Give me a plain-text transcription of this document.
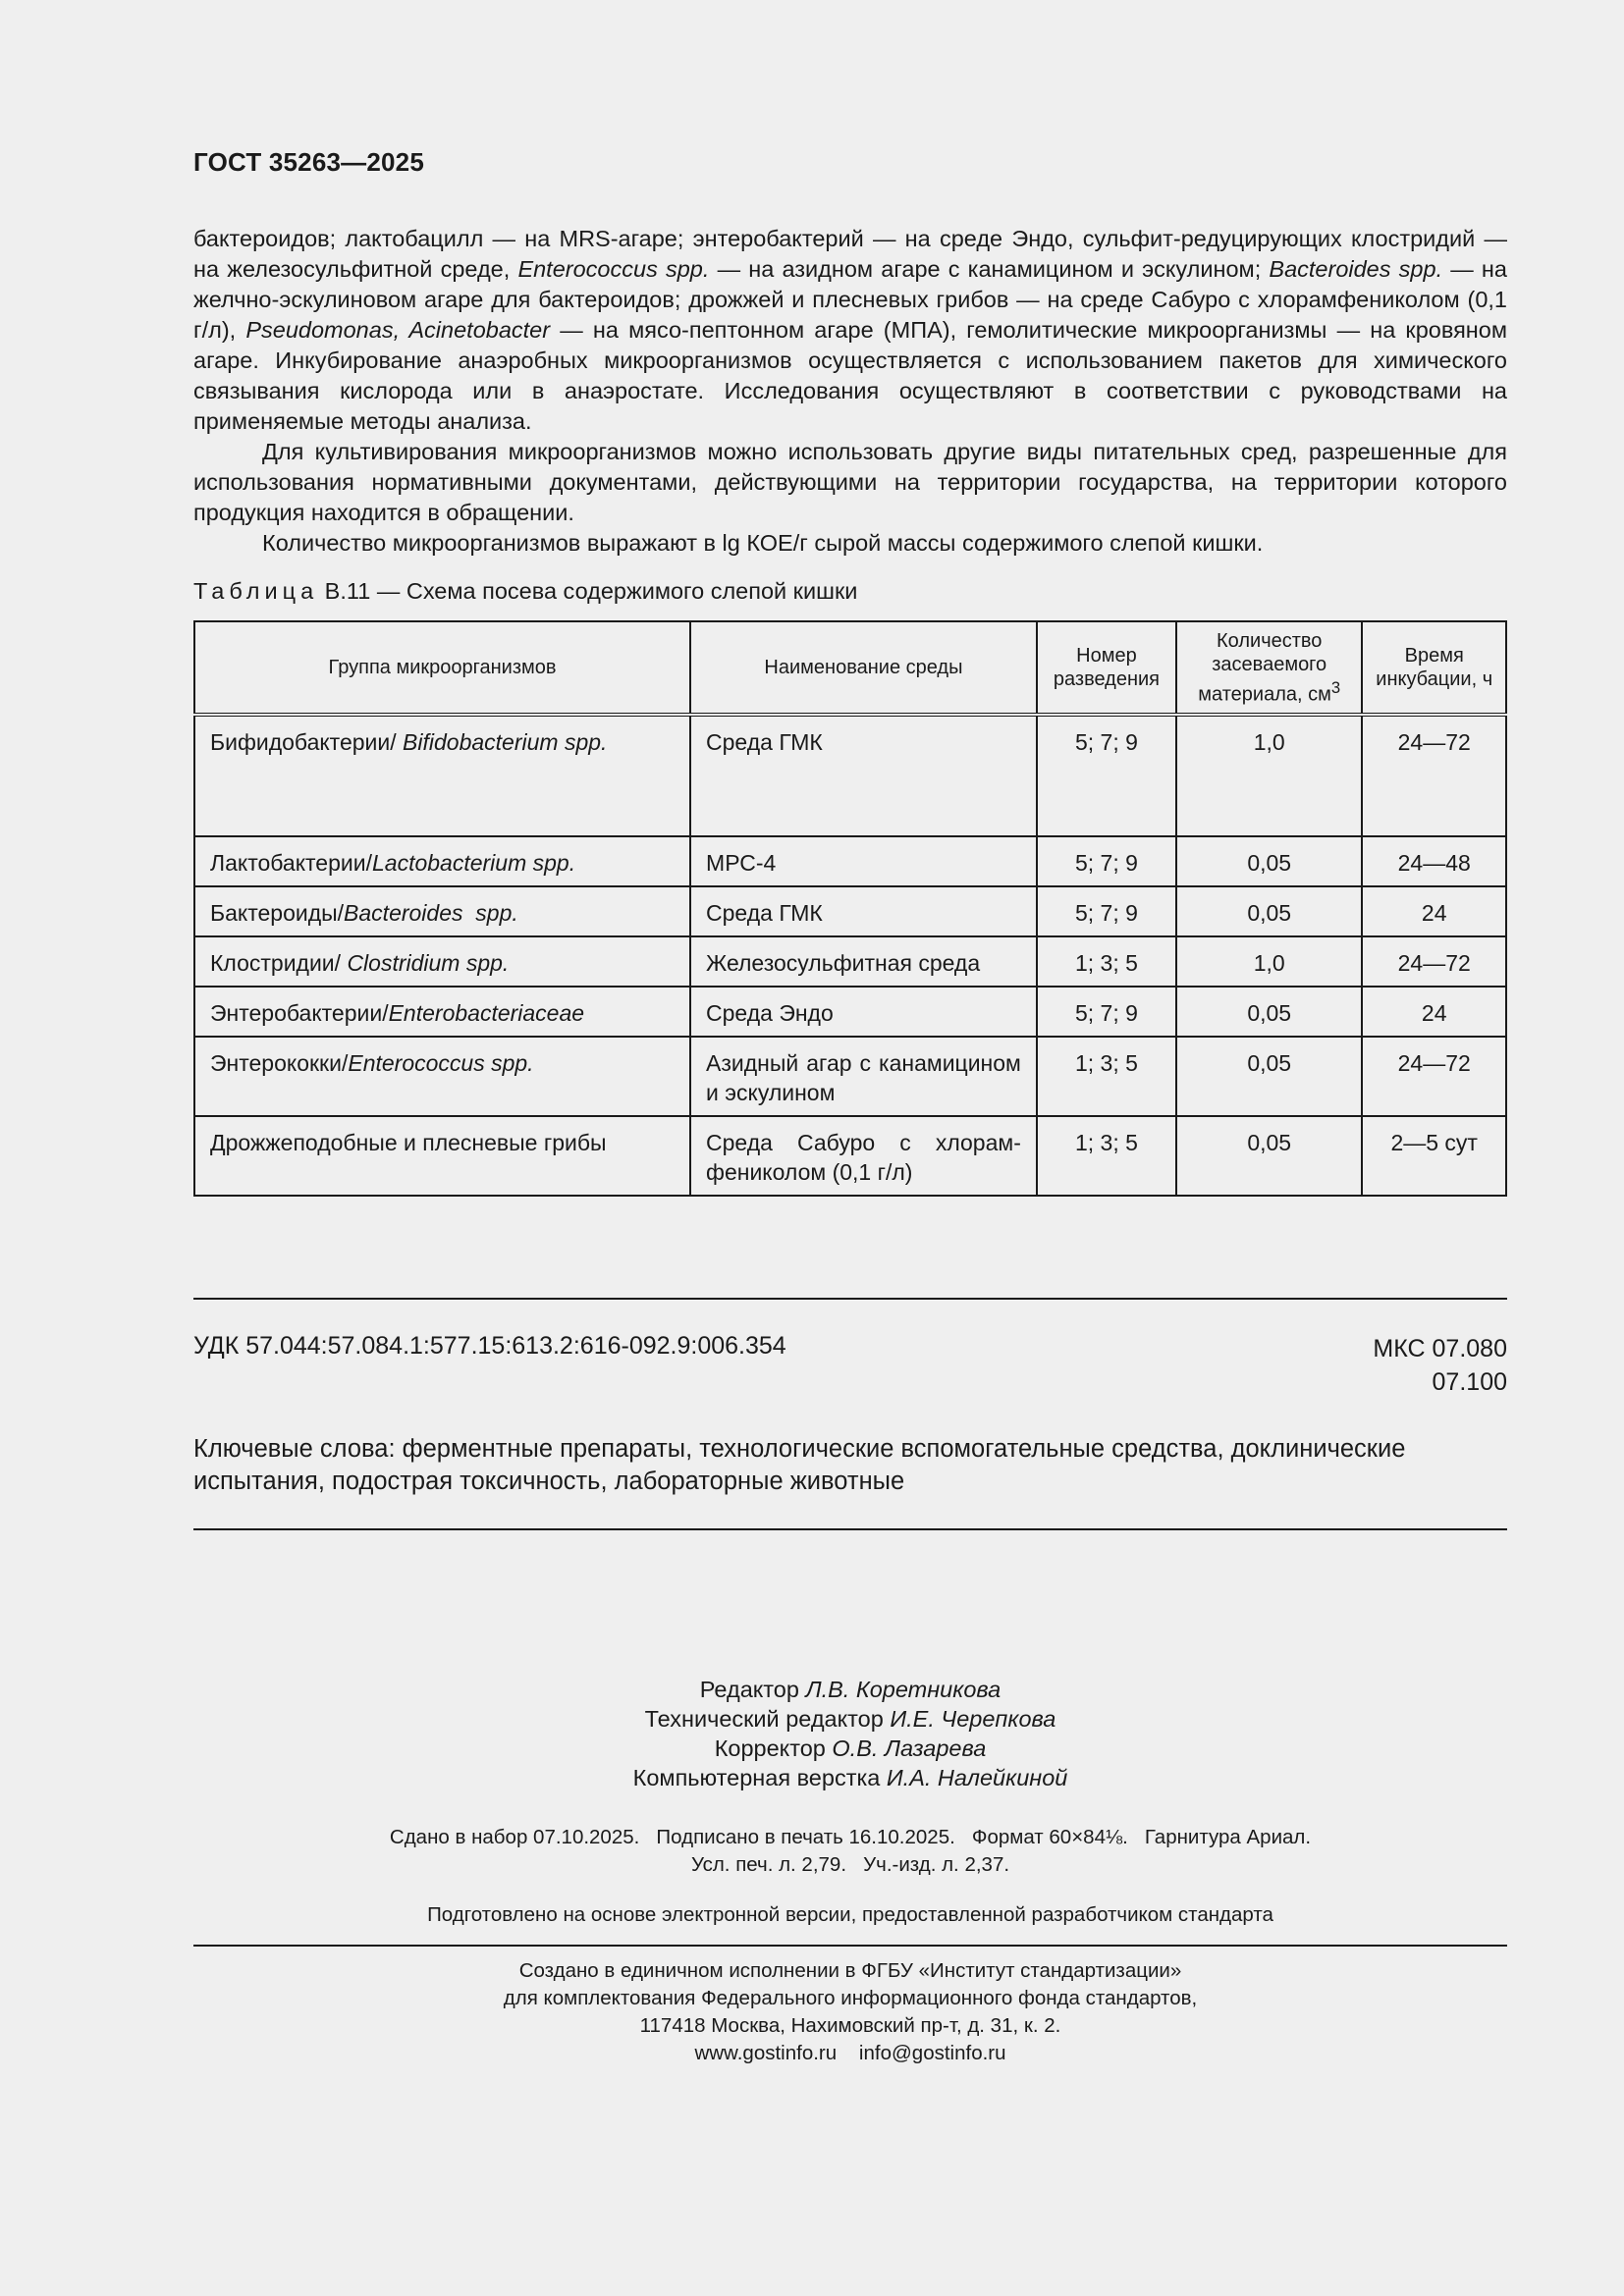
ГОСТ 35263—2025

бактероидов; лактобацилл — на MRS-агаре; энтеробактерий — на среде Эндо, сульфит-редуцирующих клостридий — на железосульфитной среде, Enterococcus spp. — на азидном агаре с канамицином и эскулином; Bacteroides spp. — на желчно-эскулиновом агаре для бактероидов; дрожжей и плесневых грибов — на среде Сабуро с хлорамфениколом (0,1 г/л), Pseudomonas, Acinetobacter — на мясо-пептонном агаре (МПА), гемолитические микроорганизмы — на кровяном агаре. Инкубирование анаэробных микроорганизмов осуществляется с использованием пакетов для химического связывания кислорода или в анаэростате. Исследования осуществляют в соответствии с руководствами на применяемые методы анализа.

Для культивирования микроорганизмов можно использовать другие виды питательных сред, разрешенные для использования нормативными документами, действующими на территории государства, на территории которого продукция находится в обращении.

Количество микроорганизмов выражают в lg КОЕ/г сырой массы содержимого слепой кишки.

Таблица В.11 — Схема посева содержимого слепой кишки
Группа микроорганизмов	Наименование среды	Номер разведения	Количество засеваемого материала, $см^3$	Время инкубации, ч
Бифидобактерии/ Bifidobacterium spp.	Среда ГМК	5; 7; 9	1,0	24—72
Лактобактерии/Lactobacterium spp.	МРС-4	5; 7; 9	0,05	24—48
Бактероиды/Bacteroides  spp.	Среда ГМК	5; 7; 9	0,05	24
Клостридии/ Clostridium spp.	Железосульфитная среда	1; 3; 5	1,0	24—72
Энтеробактерии/Enterobacteriaceae	Среда Эндо	5; 7; 9	0,05	24
Энтерококки/Enterococcus spp.	Азидный агар с канамицином и эскулином	1; 3; 5	0,05	24—72
Дрожжеподобные и плесневые грибы	Среда Сабуро с хлорамфениколом (0,1 г/л)	1; 3; 5	0,05	2—5 сут
УДК 57.044:57.084.1:577.15:613.2:616-092.9:006.354	МКС 07.080
07.100
Ключевые слова: ферментные препараты, технологические вспомогательные средства, доклинические испытания, подострая токсичность, лабораторные животные
Редактор Л.В. Коретникова
Технический редактор И.Е. Черепкова
Корректор О.В. Лазарева
Компьютерная верстка И.А. Налейкиной
Сдано в набор 07.10.2025.   Подписано в печать 16.10.2025.   Формат 60×84⅛.   Гарнитура Ариал.
Усл. печ. л. 2,79.   Уч.-изд. л. 2,37.
Подготовлено на основе электронной версии, предоставленной разработчиком стандарта
Создано в единичном исполнении в ФГБУ «Институт стандартизации»
для комплектования Федерального информационного фонда стандартов,
117418 Москва, Нахимовский пр-т, д. 31, к. 2.
www.gostinfo.ru    info@gostinfo.ru
